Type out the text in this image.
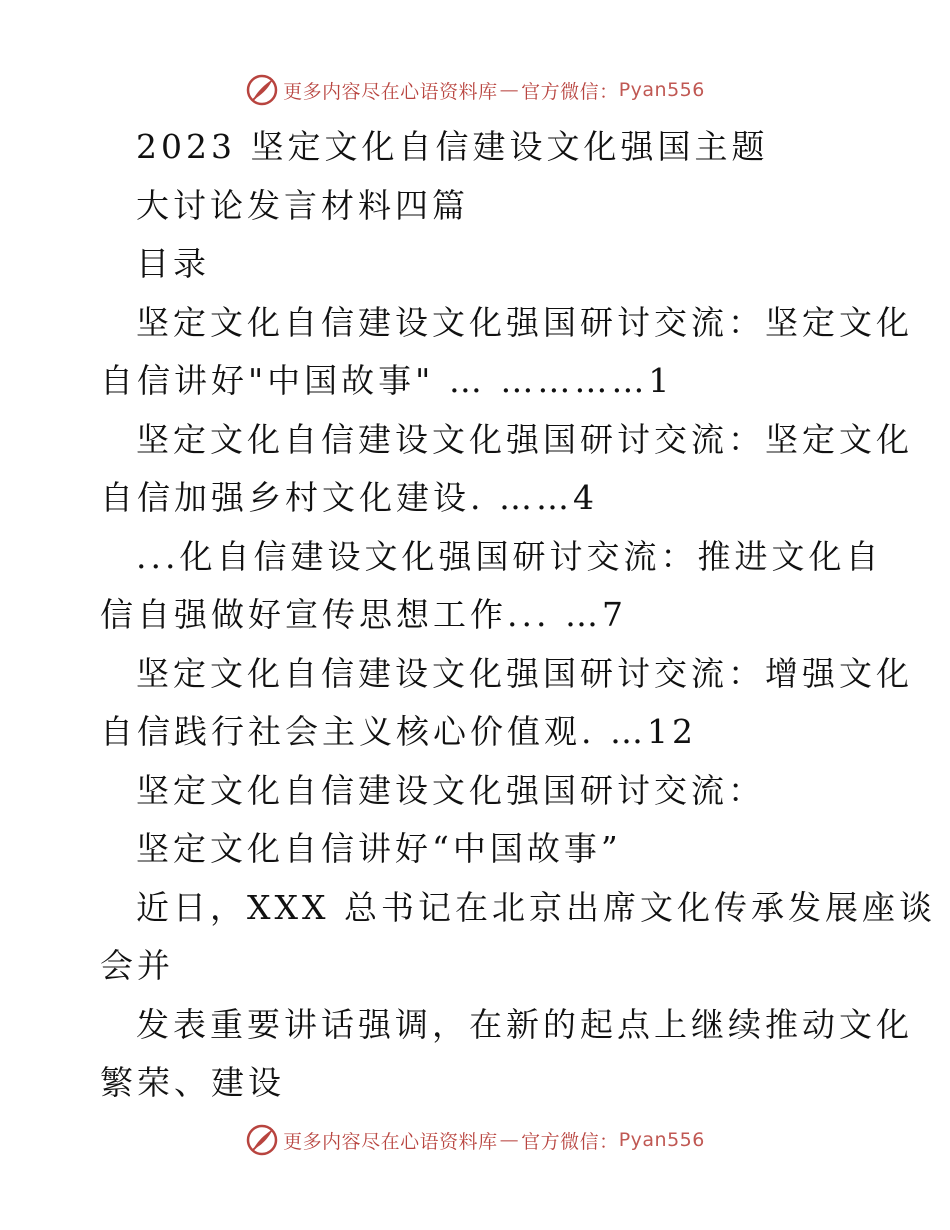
更多内容尽在心语资料库 — 官方微信： Pyan556
2023 坚定文化自信建设文化强国主题
大讨论发言材料四篇
目录
坚定文化自信建设文化强国研讨交流：坚定文化
自信讲好"中国故事" … …………1
坚定文化自信建设文化强国研讨交流：坚定文化
自信加强乡村文化建设. ……4
...化自信建设文化强国研讨交流：推进文化自
信自强做好宣传思想工作... …7
坚定文化自信建设文化强国研讨交流：增强文化
自信践行社会主义核心价值观. …12
坚定文化自信建设文化强国研讨交流：
坚定文化自信讲好“中国故事”
近日，XXX 总书记在北京出席文化传承发展座谈
会并
发表重要讲话强调，在新的起点上继续推动文化
繁荣、建设
更多内容尽在心语资料库 — 官方微信： Pyan556
